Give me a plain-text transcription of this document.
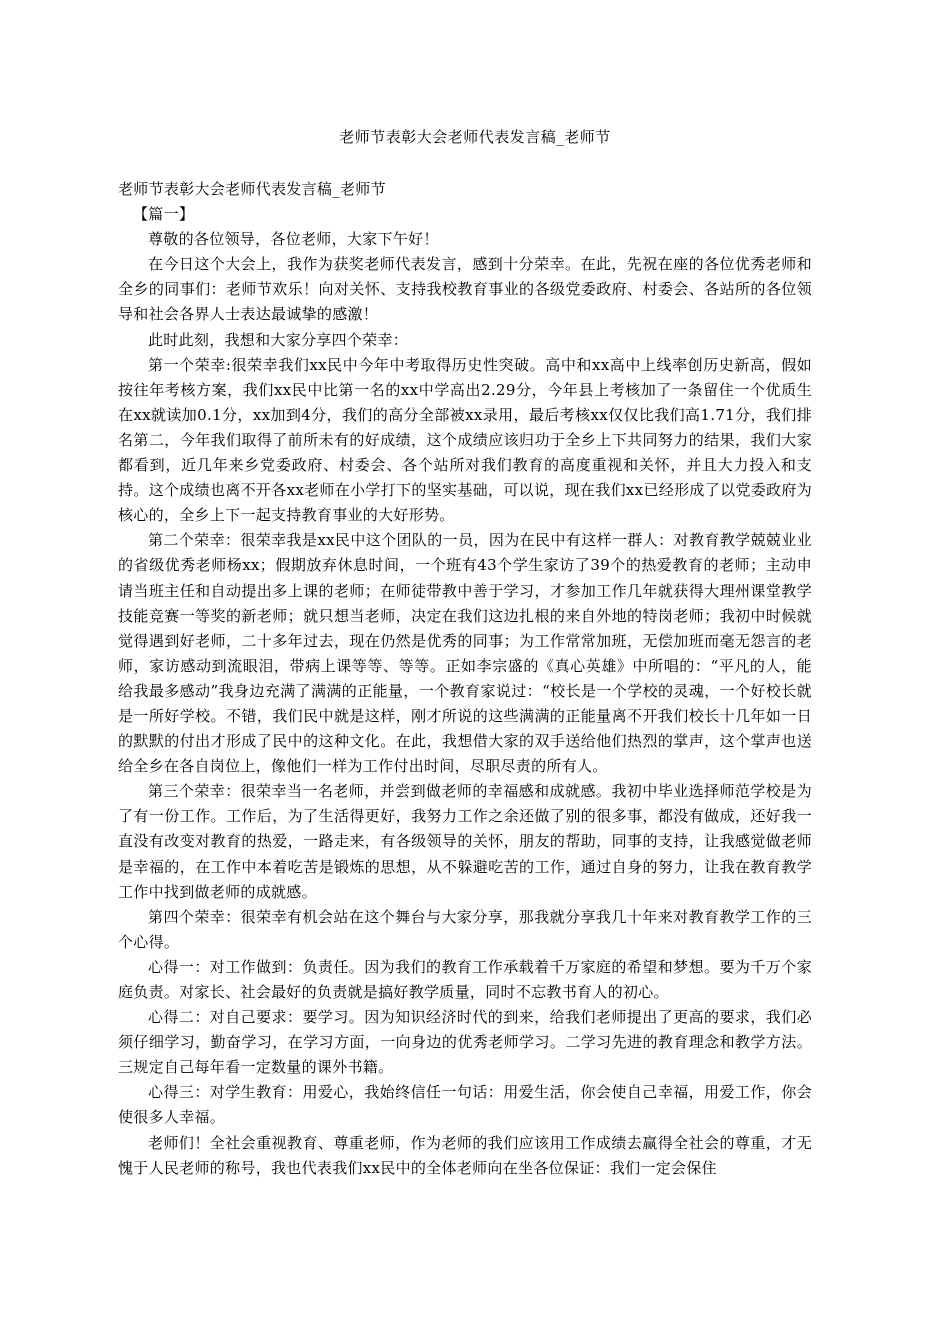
老师节表彰大会老师代表发言稿_老师节

老师节表彰大会老师代表发言稿_老师节

【篇一】

尊敬的各位领导，各位老师，大家下午好！

在今日这个大会上，我作为获奖老师代表发言，感到十分荣幸。在此，先祝在座的各位优秀老师和全乡的同事们：老师节欢乐！向对关怀、支持我校教育事业的各级党委政府、村委会、各站所的各位领导和社会各界人士表达最诚挚的感激！

此时此刻，我想和大家分享四个荣幸：

第一个荣幸:很荣幸我们xx民中今年中考取得历史性突破。高中和xx高中上线率创历史新高，假如按往年考核方案，我们xx民中比第一名的xx中学高出2.29分，今年县上考核加了一条留住一个优质生在xx就读加0.1分，xx加到4分，我们的高分全部被xx录用，最后考核xx仅仅比我们高1.71分，我们排名第二，今年我们取得了前所未有的好成绩，这个成绩应该归功于全乡上下共同努力的结果，我们大家都看到，近几年来乡党委政府、村委会、各个站所对我们教育的高度重视和关怀，并且大力投入和支持。这个成绩也离不开各xx老师在小学打下的坚实基础，可以说，现在我们xx已经形成了以党委政府为核心的，全乡上下一起支持教育事业的大好形势。

第二个荣幸：很荣幸我是xx民中这个团队的一员，因为在民中有这样一群人：对教育教学兢兢业业的省级优秀老师杨xx；假期放弃休息时间，一个班有43个学生家访了39个的热爱教育的老师；主动申请当班主任和自动提出多上课的老师；在师徒带教中善于学习，才参加工作几年就获得大理州课堂教学技能竞赛一等奖的新老师；就只想当老师，决定在我们这边扎根的来自外地的特岗老师；我初中时候就觉得遇到好老师，二十多年过去，现在仍然是优秀的同事；为工作常常加班，无偿加班而毫无怨言的老师，家访感动到流眼泪，带病上课等等、等等。正如李宗盛的《真心英雄》中所唱的：“平凡的人，能给我最多感动”我身边充满了满满的正能量，一个教育家说过：“校长是一个学校的灵魂，一个好校长就是一所好学校。不错，我们民中就是这样，刚才所说的这些满满的正能量离不开我们校长十几年如一日的默默的付出才形成了民中的这种文化。在此，我想借大家的双手送给他们热烈的掌声，这个掌声也送给全乡在各自岗位上，像他们一样为工作付出时间，尽职尽责的所有人。

第三个荣幸：很荣幸当一名老师，并尝到做老师的幸福感和成就感。我初中毕业选择师范学校是为了有一份工作。工作后，为了生活得更好，我努力工作之余还做了别的很多事，都没有做成，还好我一直没有改变对教育的热爱，一路走来，有各级领导的关怀，朋友的帮助，同事的支持，让我感觉做老师是幸福的，在工作中本着吃苦是锻炼的思想，从不躲避吃苦的工作，通过自身的努力，让我在教育教学工作中找到做老师的成就感。

第四个荣幸：很荣幸有机会站在这个舞台与大家分享，那我就分享我几十年来对教育教学工作的三个心得。

心得一：对工作做到：负责任。因为我们的教育工作承载着千万家庭的希望和梦想。要为千万个家庭负责。对家长、社会最好的负责就是搞好教学质量，同时不忘教书育人的初心。

心得二：对自己要求：要学习。因为知识经济时代的到来，给我们老师提出了更高的要求，我们必须仔细学习，勤奋学习，在学习方面，一向身边的优秀老师学习。二学习先进的教育理念和教学方法。三规定自己每年看一定数量的课外书籍。

心得三：对学生教育：用爱心，我始终信任一句话：用爱生活，你会使自己幸福，用爱工作，你会使很多人幸福。

老师们！全社会重视教育、尊重老师，作为老师的我们应该用工作成绩去赢得全社会的尊重，才无愧于人民老师的称号，我也代表我们xx民中的全体老师向在坐各位保证：我们一定会保住
